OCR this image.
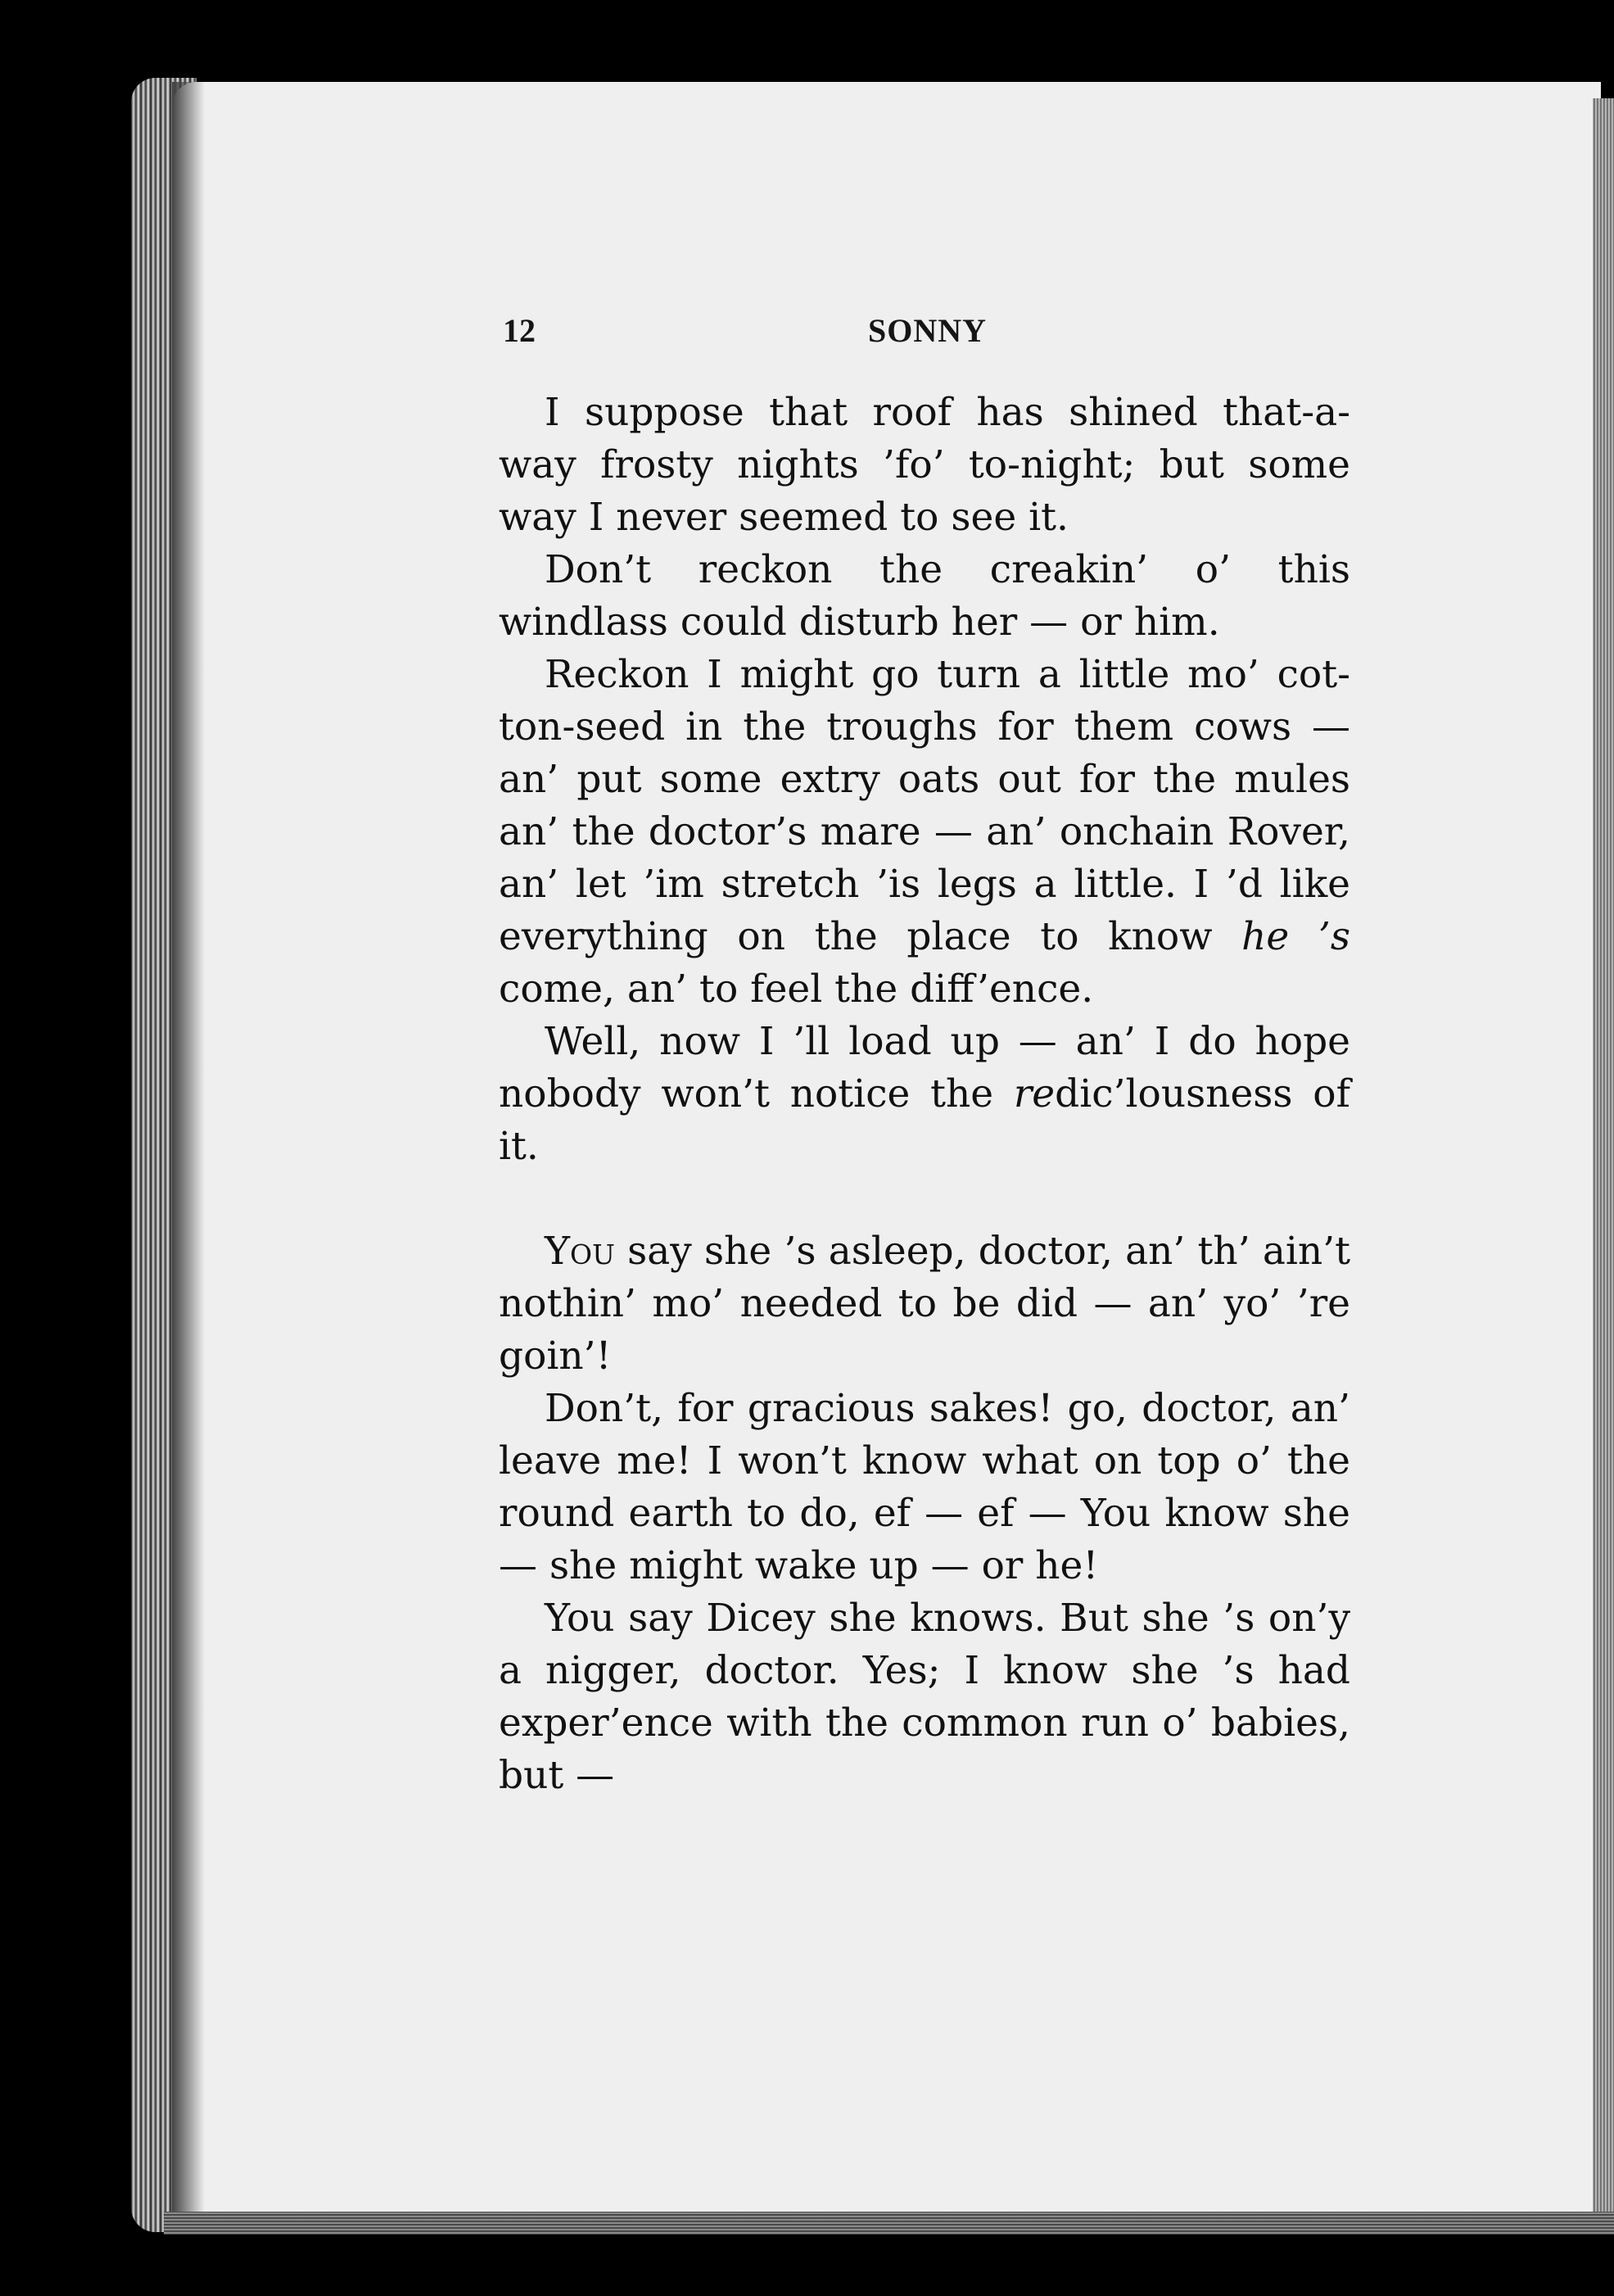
12	SONNY

I suppose that roof has shined that-a-way frosty nights ’fo’ to-night; but some way I never seemed to see it.

Don’t reckon the creakin’ o’ this windlass could disturb her — or him.

Reckon I might go turn a little mo’ cot-ton-seed in the troughs for them cows — an’ put some extry oats out for the mules an’ the doctor’s mare — an’ onchain Rover, an’ let ’im stretch ’is legs a little. I ’d like everything on the place to know he ’s come, an’ to feel the diff’ence.

Well, now I ’ll load up — an’ I do hope nobody won’t notice the redic’lousness of it.

You say she ’s asleep, doctor, an’ th’ ain’t nothin’ mo’ needed to be did — an’ yo’ ’re goin’!

Don’t, for gracious sakes! go, doctor, an’ leave me! I won’t know what on top o’ the round earth to do, ef — ef — You know she — she might wake up — or he!

You say Dicey she knows. But she ’s on’y a nigger, doctor. Yes; I know she ’s had exper’ence with the common run o’ babies, but —
